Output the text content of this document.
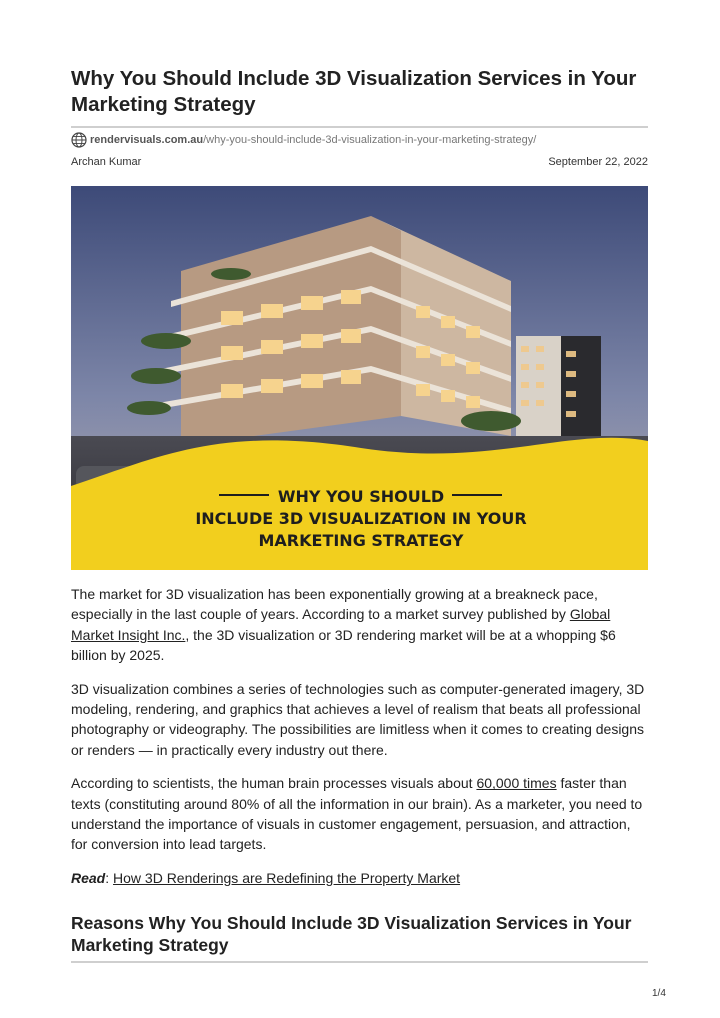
Why You Should Include 3D Visualization Services in Your Marketing Strategy
rendervisuals.com.au /why-you-should-include-3d-visualization-in-your-marketing-strategy/
Archan Kumar	September 22, 2022
WHY YOU SHOULD
INCLUDE 3D VISUALIZATION IN YOUR
MARKETING STRATEGY

The market for 3D visualization has been exponentially growing at a breakneck pace, especially in the last couple of years. According to a market survey published by Global Market Insight Inc., the 3D visualization or 3D rendering market will be at a whopping $6 billion by 2025.

3D visualization combines a series of technologies such as computer-generated imagery, 3D modeling, rendering, and graphics that achieves a level of realism that beats all professional photography or videography. The possibilities are limitless when it comes to creating designs or renders — in practically every industry out there.

According to scientists, the human brain processes visuals about 60,000 times faster than texts (constituting around 80% of all the information in our brain). As a marketer, you need to understand the importance of visuals in customer engagement, persuasion, and attraction, for conversion into lead targets.

Read: How 3D Renderings are Redefining the Property Market

Reasons Why You Should Include 3D Visualization Services in Your Marketing Strategy
1/4
